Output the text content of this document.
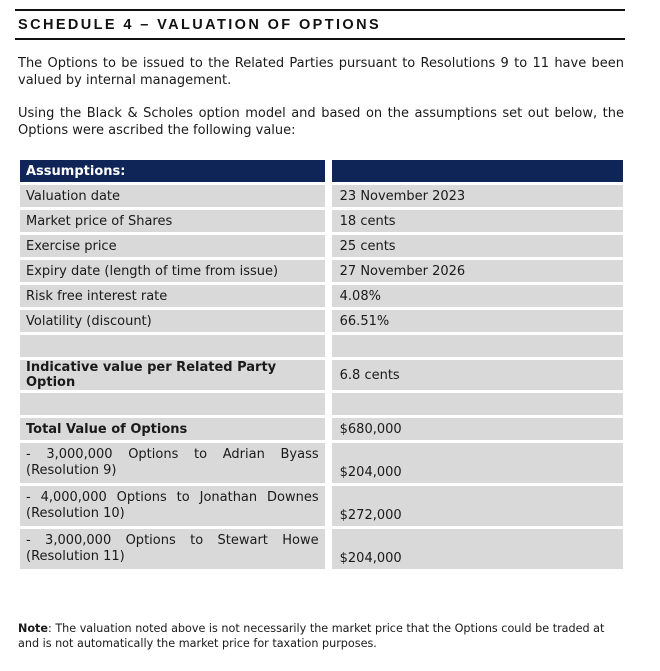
SCHEDULE 4 – VALUATION OF OPTIONS
The Options to be issued to the Related Parties pursuant to Resolutions 9 to 11 have been valued by internal management.
Using the Black & Scholes option model and based on the assumptions set out below, the Options were ascribed the following value:
Assumptions:	
Valuation date	23 November 2023
Market price of Shares	18 cents
Exercise price	25 cents
Expiry date (length of time from issue)	27 November 2026
Risk free interest rate	4.08%
Volatility (discount)	66.51%

Indicative value per Related Party Option	6.8 cents

Total Value of Options	$680,000
- 3,000,000 Options to Adrian Byass (Resolution 9)	$204,000
- 4,000,000 Options to Jonathan Downes (Resolution 10)	$272,000
- 3,000,000 Options to Stewart Howe (Resolution 11)	$204,000
Note: The valuation noted above is not necessarily the market price that the Options could be traded at and is not automatically the market price for taxation purposes.
